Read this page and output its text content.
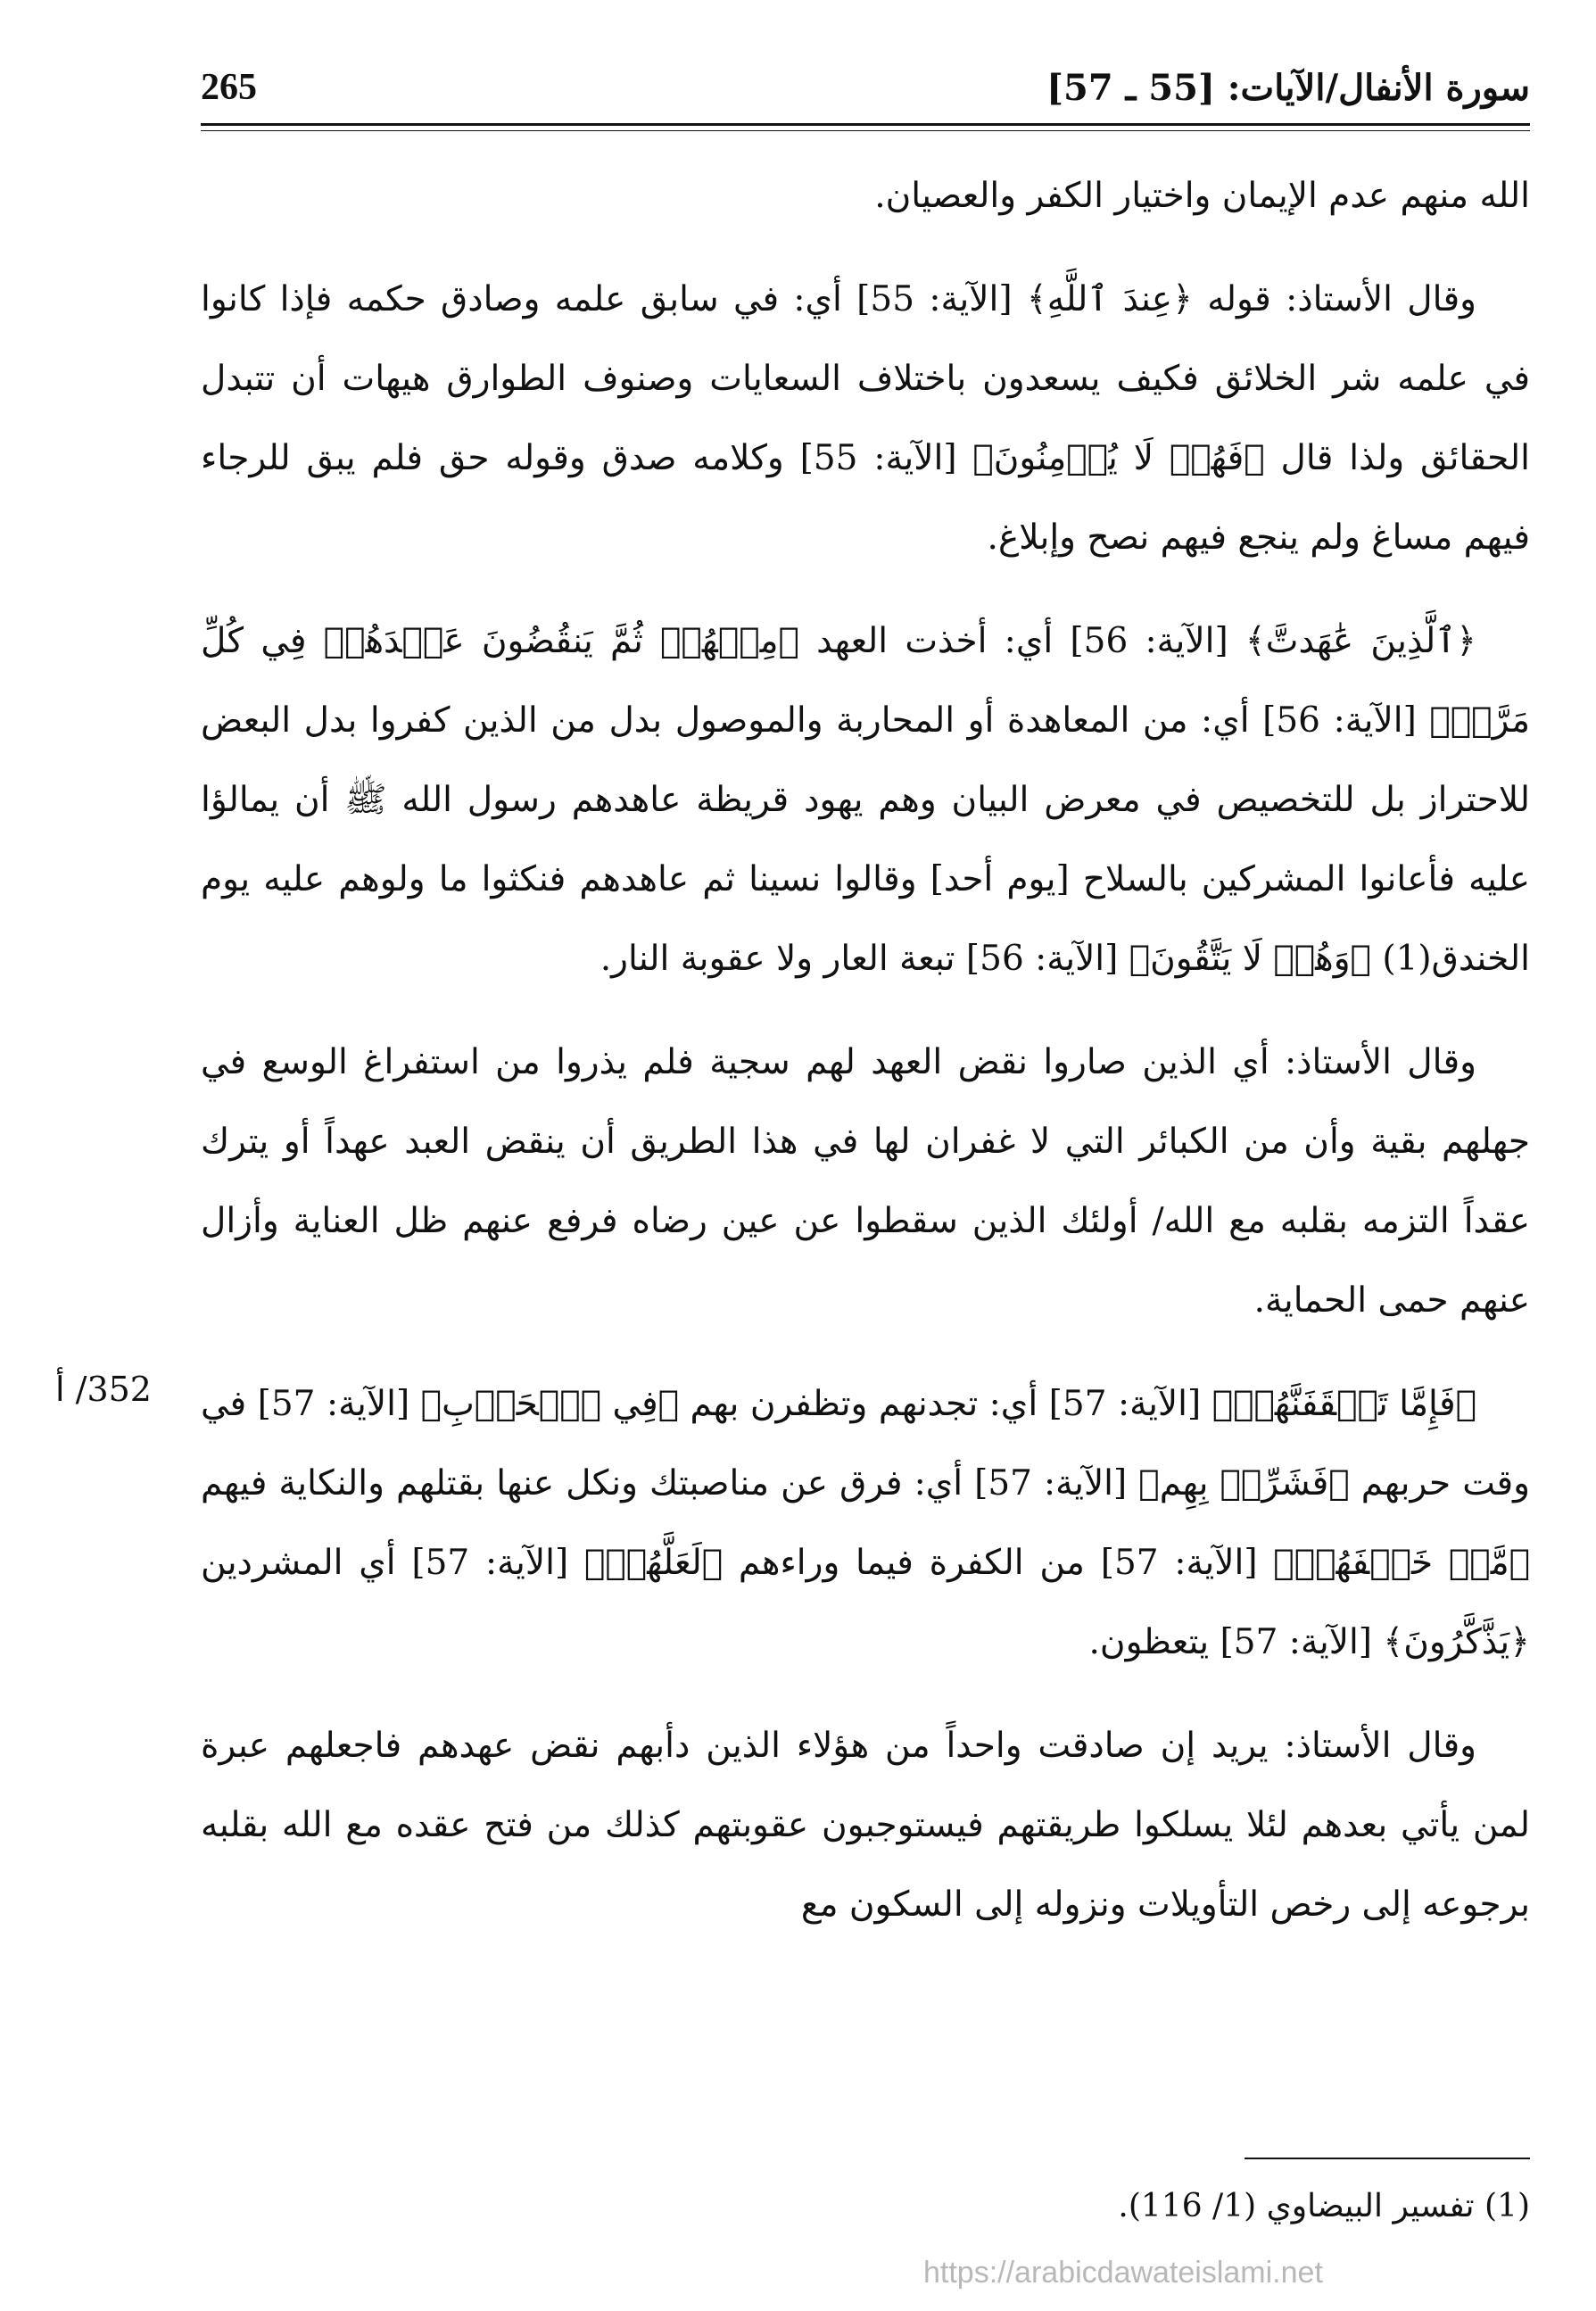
سورة الأنفال/الآيات: [55 ـ 57]
265

الله منهم عدم الإيمان واختيار الكفر والعصيان.

وقال الأستاذ: قوله ﴿عِندَ ٱللَّهِ﴾ [الآية: 55] أي: في سابق علمه وصادق حكمه فإذا كانوا في علمه شر الخلائق فكيف يسعدون باختلاف السعايات وصنوف الطوارق هيهات أن تتبدل الحقائق ولذا قال ﴿فَهُمۡ لَا يُؤۡمِنُونَ﴾ [الآية: 55] وكلامه صدق وقوله حق فلم يبق للرجاء فيهم مساغ ولم ينجع فيهم نصح وإبلاغ.

﴿ٱلَّذِينَ عَٰهَدتَّ﴾ [الآية: 56] أي: أخذت العهد ﴿مِنۡهُمۡ ثُمَّ يَنقُضُونَ عَهۡدَهُمۡ فِي كُلِّ مَرَّةٖ﴾ [الآية: 56] أي: من المعاهدة أو المحاربة والموصول بدل من الذين كفروا بدل البعض للاحتراز بل للتخصيص في معرض البيان وهم يهود قريظة عاهدهم رسول الله ﷺ أن يمالؤا عليه فأعانوا المشركين بالسلاح [يوم أحد] وقالوا نسينا ثم عاهدهم فنكثوا ما ولوهم عليه يوم الخندق(1) ﴿وَهُمۡ لَا يَتَّقُونَ﴾ [الآية: 56] تبعة العار ولا عقوبة النار.

وقال الأستاذ: أي الذين صاروا نقض العهد لهم سجية فلم يذروا من استفراغ الوسع في جهلهم بقية وأن من الكبائر التي لا غفران لها في هذا الطريق أن ينقض العبد عهداً أو يترك عقداً التزمه بقلبه مع الله/ أولئك الذين سقطوا عن عين رضاه فرفع عنهم ظل العناية وأزال عنهم حمى الحماية.

﴿فَإِمَّا تَثۡقَفَنَّهُمۡ﴾ [الآية: 57] أي: تجدنهم وتظفرن بهم ﴿فِي ٱلۡحَرۡبِ﴾ [الآية: 57] في وقت حربهم ﴿فَشَرِّدۡ بِهِم﴾ [الآية: 57] أي: فرق عن مناصبتك ونكل عنها بقتلهم والنكاية فيهم ﴿مَّنۡ خَلۡفَهُمۡ﴾ [الآية: 57] من الكفرة فيما وراءهم ﴿لَعَلَّهُمۡ﴾ [الآية: 57] أي المشردين ﴿يَذَّكَّرُونَ﴾ [الآية: 57] يتعظون.

وقال الأستاذ: يريد إن صادقت واحداً من هؤلاء الذين دأبهم نقض عهدهم فاجعلهم عبرة لمن يأتي بعدهم لئلا يسلكوا طريقتهم فيستوجبون عقوبتهم كذلك من فتح عقده مع الله بقلبه برجوعه إلى رخص التأويلات ونزوله إلى السكون مع

352/ أ
(1) تفسير البيضاوي (1/ 116).
https://arabicdawateislami.net
